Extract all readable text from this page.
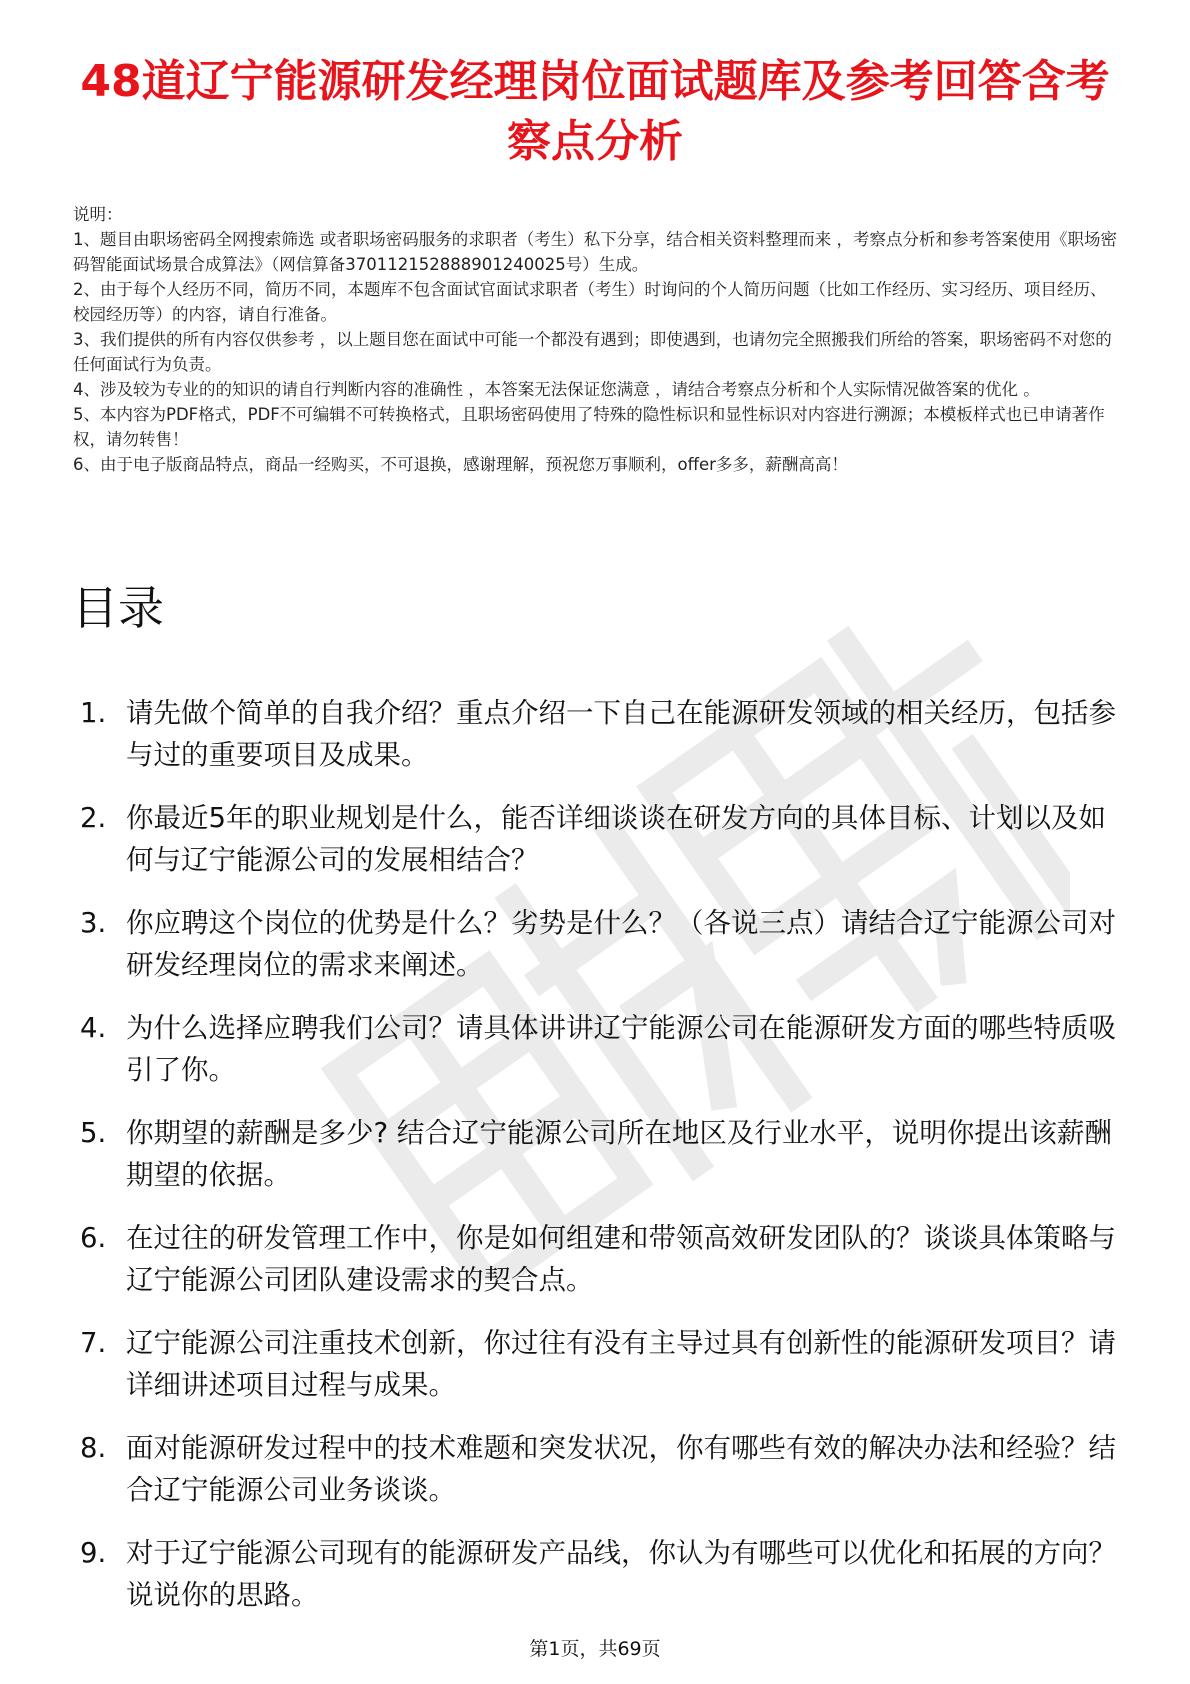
48道辽宁能源研发经理岗位面试题库及参考回答含考察点分析

说明：

1、题目由职场密码全网搜索筛选 或者职场密码服务的求职者（考生）私下分享，结合相关资料整理而来 ，考察点分析和参考答案使用《职场密码智能面试场景合成算法》（网信算备370112152888901240025号）生成。

2、由于每个人经历不同，简历不同，本题库不包含面试官面试求职者（考生）时询问的个人简历问题（比如工作经历、实习经历、项目经历、校园经历等）的内容，请自行准备。

3、我们提供的所有内容仅供参考 ，以上题目您在面试中可能一个都没有遇到；即使遇到，也请勿完全照搬我们所给的答案，职场密码不对您的任何面试行为负责。

4、涉及较为专业的的知识的请自行判断内容的准确性 ，本答案无法保证您满意 ，请结合考察点分析和个人实际情况做答案的优化 。

5、本内容为PDF格式，PDF不可编辑不可转换格式，且职场密码使用了特殊的隐性标识和显性标识对内容进行溯源；本模板样式也已申请著作权，请勿转售！

6、由于电子版商品特点，商品一经购买，不可退换，感谢理解，预祝您万事顺利，offer多多，薪酬高高！

目录
1. 请先做个简单的自我介绍？重点介绍一下自己在能源研发领域的相关经历，包括参与过的重要项目及成果。
2. 你最近5年的职业规划是什么，能否详细谈谈在研发方向的具体目标、计划以及如何与辽宁能源公司的发展相结合？
3. 你应聘这个岗位的优势是什么？劣势是什么？（各说三点）请结合辽宁能源公司对研发经理岗位的需求来阐述。
4. 为什么选择应聘我们公司？请具体讲讲辽宁能源公司在能源研发方面的哪些特质吸引了你。
5. 你期望的薪酬是多少? 结合辽宁能源公司所在地区及行业水平，说明你提出该薪酬期望的依据。
6. 在过往的研发管理工作中，你是如何组建和带领高效研发团队的？谈谈具体策略与辽宁能源公司团队建设需求的契合点。
7. 辽宁能源公司注重技术创新，你过往有没有主导过具有创新性的能源研发项目？请详细讲述项目过程与成果。
8. 面对能源研发过程中的技术难题和突发状况，你有哪些有效的解决办法和经验？结合辽宁能源公司业务谈谈。
9. 对于辽宁能源公司现有的能源研发产品线，你认为有哪些可以优化和拓展的方向？说说你的思路。
第1页，共69页
